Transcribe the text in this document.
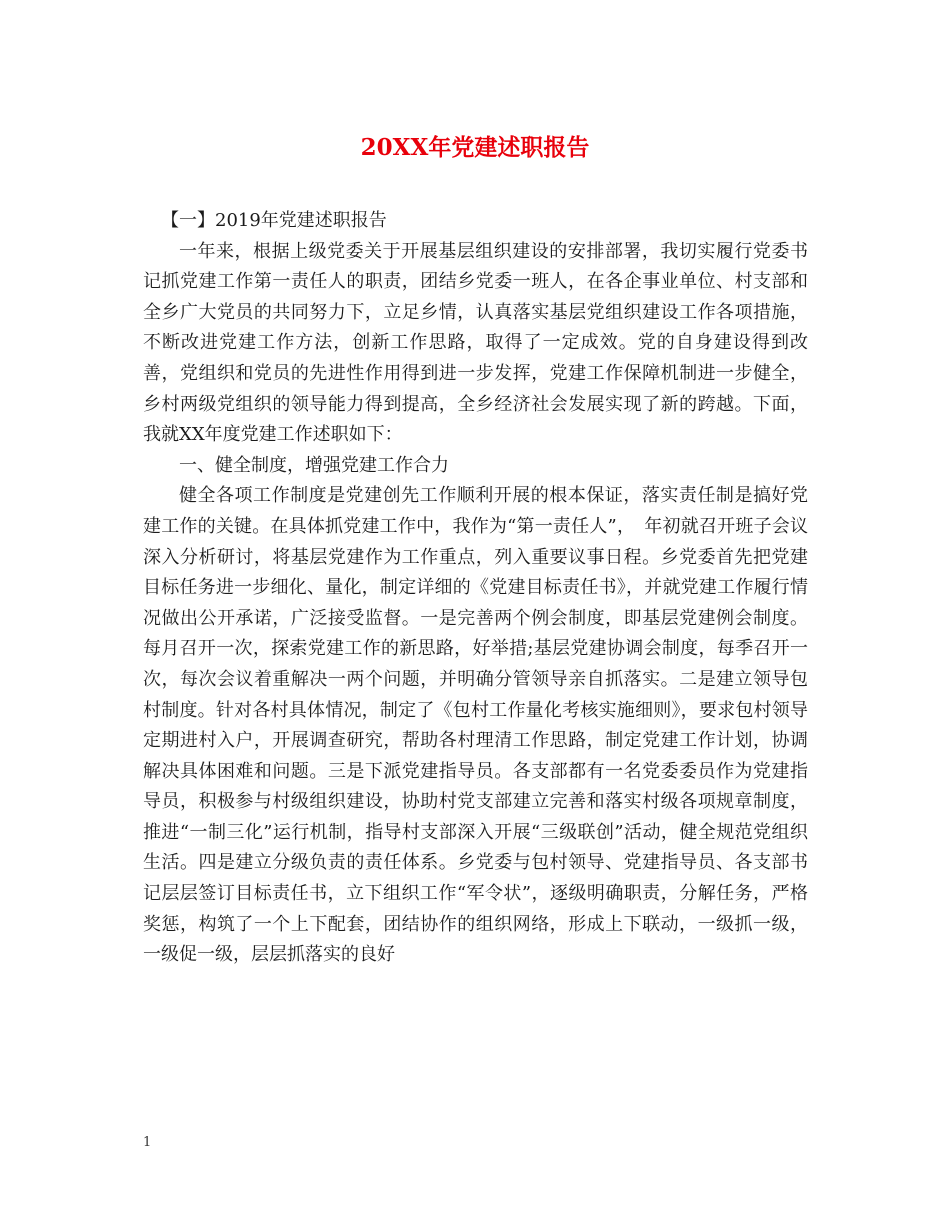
20XX年党建述职报告

【一】2019年党建述职报告

一年来，根据上级党委关于开展基层组织建设的安排部署，我切实履行党委书记抓党建工作第一责任人的职责，团结乡党委一班人，在各企事业单位、村支部和全乡广大党员的共同努力下，立足乡情，认真落实基层党组织建设工作各项措施，不断改进党建工作方法，创新工作思路，取得了一定成效。党的自身建设得到改善，党组织和党员的先进性作用得到进一步发挥，党建工作保障机制进一步健全，乡村两级党组织的领导能力得到提高，全乡经济社会发展实现了新的跨越。下面，我就XX年度党建工作述职如下：

一、健全制度，增强党建工作合力

健全各项工作制度是党建创先工作顺利开展的根本保证，落实责任制是搞好党建工作的关键。在具体抓党建工作中，我作为“第一责任人”，　年初就召开班子会议深入分析研讨，将基层党建作为工作重点，列入重要议事日程。乡党委首先把党建目标任务进一步细化、量化，制定详细的《党建目标责任书》，并就党建工作履行情况做出公开承诺，广泛接受监督。一是完善两个例会制度，即基层党建例会制度。每月召开一次，探索党建工作的新思路，好举措;基层党建协调会制度，每季召开一次，每次会议着重解决一两个问题，并明确分管领导亲自抓落实。二是建立领导包村制度。针对各村具体情况，制定了《包村工作量化考核实施细则》，要求包村领导定期进村入户，开展调查研究，帮助各村理清工作思路，制定党建工作计划，协调解决具体困难和问题。三是下派党建指导员。各支部都有一名党委委员作为党建指导员，积极参与村级组织建设，协助村党支部建立完善和落实村级各项规章制度，推进“一制三化”运行机制，指导村支部深入开展“三级联创”活动，健全规范党组织生活。四是建立分级负责的责任体系。乡党委与包村领导、党建指导员、各支部书记层层签订目标责任书，立下组织工作“军令状”，逐级明确职责，分解任务，严格奖惩，构筑了一个上下配套，团结协作的组织网络，形成上下联动，一级抓一级，一级促一级，层层抓落实的良好

1
